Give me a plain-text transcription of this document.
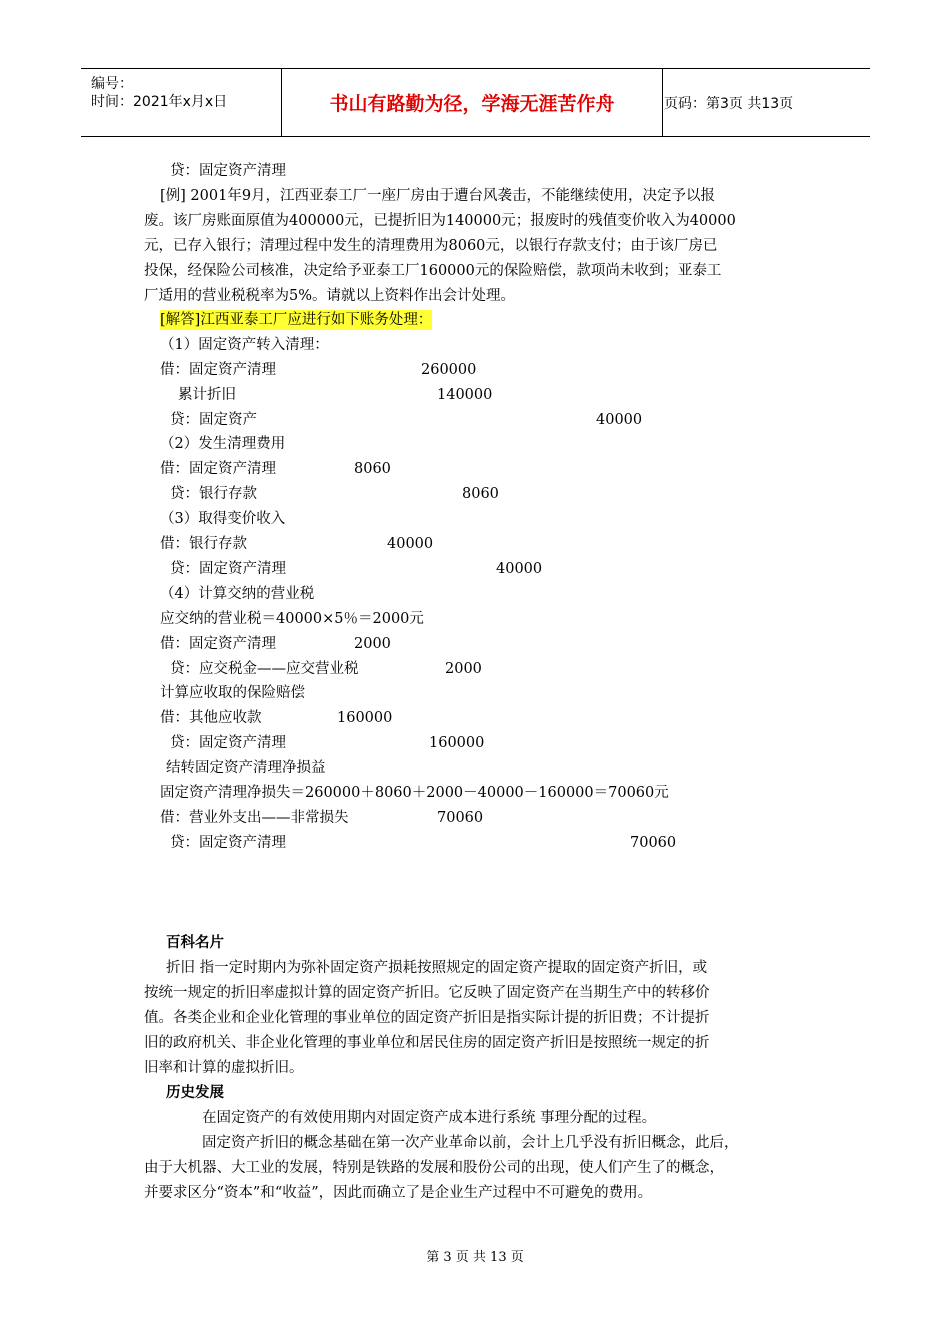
编号：
时间：2021年x月x日	书山有路勤为径，学海无涯苦作舟	页码：第3页 共13页
贷：固定资产清理
[例] 2001年9月，江西亚泰工厂一座厂房由于遭台风袭击，不能继续使用，决定予以报
废。该厂房账面原值为400000元，已提折旧为140000元；报废时的残值变价收入为40000
元，已存入银行；清理过程中发生的清理费用为8060元，以银行存款支付；由于该厂房已
投保，经保险公司核准，决定给予亚泰工厂160000元的保险赔偿，款项尚未收到；亚泰工
厂适用的营业税税率为5%。请就以上资料作出会计处理。
（1）固定资产转入清理：
借：固定资产清理
累计折旧
贷：固定资产
（2）发生清理费用
借：固定资产清理
贷：银行存款
（3）取得变价收入
借：银行存款
贷：固定资产清理
（4）计算交纳的营业税
应交纳的营业税＝40000×5％＝2000元
借：固定资产清理
贷：应交税金——应交营业税
计算应收取的保险赔偿
借：其他应收款
贷：固定资产清理
结转固定资产清理净损益
固定资产清理净损失＝260000＋8060＋2000－40000－160000＝70060元
借：营业外支出——非常损失
贷：固定资产清理
折旧 指一定时期内为弥补固定资产损耗按照规定的固定资产提取的固定资产折旧，或
按统一规定的折旧率虚拟计算的固定资产折旧。它反映了固定资产在当期生产中的转移价
值。各类企业和企业化管理的事业单位的固定资产折旧是指实际计提的折旧费；不计提折
旧的政府机关、非企业化管理的事业单位和居民住房的固定资产折旧是按照统一规定的折
旧率和计算的虚拟折旧。
在固定资产的有效使用期内对固定资产成本进行系统 事理分配的过程。
固定资产折旧的概念基础在第一次产业革命以前，会计上几乎没有折旧概念，此后，
由于大机器、大工业的发展，特别是铁路的发展和股份公司的出现，使人们产生了的概念，
并要求区分“资本”和“收益”，因此而确立了是企业生产过程中不可避免的费用。
260000
140000
40000
8060
8060
40000
40000
2000
2000
160000
160000
70060
70060
百科名片
历史发展
[解答]江西亚泰工厂应进行如下账务处理：
第 3 页 共 13 页
